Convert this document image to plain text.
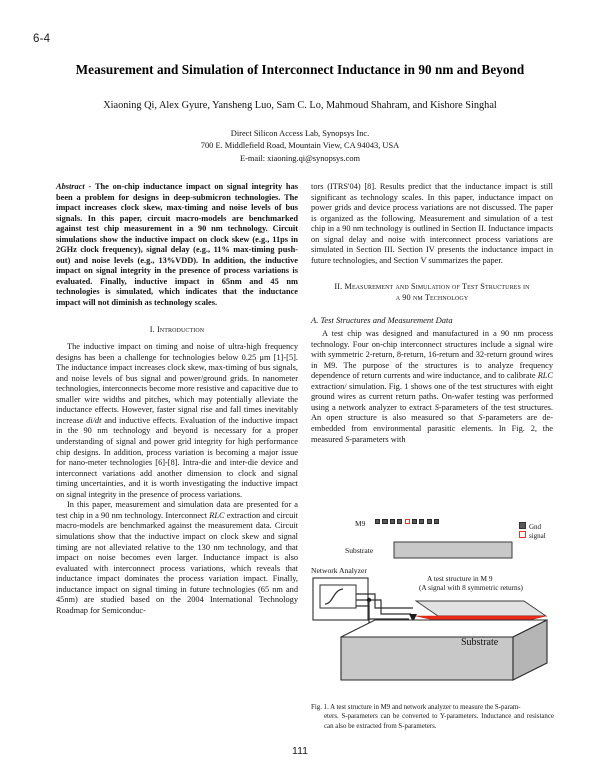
6-4
Measurement and Simulation of Interconnect Inductance in 90 nm and Beyond
Xiaoning Qi, Alex Gyure, Yansheng Luo, Sam C. Lo, Mahmoud Shahram, and Kishore Singhal
Direct Silicon Access Lab, Synopsys Inc.
700 E. Middlefield Road, Mountain View, CA 94043, USA
E-mail: xiaoning.qi@synopsys.com

Abstract - The on-chip inductance impact on signal integrity has been a problem for designs in deep-submicron technologies. The impact increases clock skew, max-timing and noise levels of bus signals. In this paper, circuit macro-models are benchmarked against test chip measurement in a 90 nm technology. Circuit simulations show the inductive impact on clock skew (e.g., 11ps in 2GHz clock frequency), signal delay (e.g., 11% max-timing push-out) and noise levels (e.g., 13%VDD). In addition, the inductive impact on signal integrity in the presence of process variations is evaluated. Finally, inductive impact in 65nm and 45 nm technologies is simulated, which indicates that the inductance impact will not diminish as technology scales.

I. Introduction

The inductive impact on timing and noise of ultra-high frequency designs has been a challenge for technologies below 0.25 μm [1]-[5]. The inductance impact increases clock skew, max-timing of bus signals, and noise levels of bus signal and power/ground grids. In nanometer technologies, interconnects become more resistive and capacitive due to smaller wire widths and pitches, which may potentially alleviate the inductance effects. However, faster signal rise and fall times inevitably increase di/dt and inductive effects. Evaluation of the inductive impact in the 90 nm technology and beyond is necessary for a proper understanding of signal and power grid integrity for high performance chip designs. In addition, process variation is becoming a major issue for nano-meter technologies [6]-[8]. Intra-die and inter-die device and interconnect variations add another dimension to clock and signal timing uncertainties, and it is worth investigating the inductive impact on signal integrity in the presence of process variations.

In this paper, measurement and simulation data are presented for a test chip in a 90 nm technology. Interconnect RLC extraction and circuit macro-models are benchmarked against the measurement data. Circuit simulations show that the inductive impact on clock skew and signal timing are not alleviated relative to the 130 nm technology, and that impact on noise becomes even larger. Inductance impact is also evaluated with interconnect process variations, which reveals that inductance impact dominates the process variation impact. Finally, inductance impact on signal timing in future technologies (65 nm and 45nm) are studied based on the 2004 International Technology Roadmap for Semiconduc-

tors (ITRS'04) [8]. Results predict that the inductance impact is still significant as technology scales. In this paper, inductance impact on power grids and device process variations are not discussed. The paper is organized as the following. Measurement and simulation of a test chip in a 90 nm technology is outlined in Section II. Inductance impacts on signal delay and noise with interconnect process variations are simulated in Section III. Section IV presents the inductance impact in future technologies, and Section V summarizes the paper.

II. Measurement and Simulation of Test Structures in
a 90 nm Technology
A. Test Structures and Measurement Data

A test chip was designed and manufactured in a 90 nm process technology. Four on-chip interconnect structures include a signal wire with symmetric 2-return, 8-return, 16-return and 32-return ground wires in M9. The purpose of the structures is to analyze frequency dependence of return currents and wire inductance, and to calibrate RLC extraction/ simulation. Fig. 1 shows one of the test structures with eight ground wires as current return paths. On-wafer testing was performed using a network analyzer to extract S-parameters of the test structures. An open structure is also measured so that S-parameters are de-embedded from environmental parasitic elements. In Fig. 2, the measured S-parameters with

M9	Gnd
signal
Substrate
Network Analyzer
A test structure in M 9
(A signal with 8 symmetric returns)
Substrate
Fig. 1. A test structure in M9 and network analyzer to measure the S-param-
eters. S-parameters can be converted to Y-parameters. Inductance and resistance can also be extracted from S-parameters.
111
